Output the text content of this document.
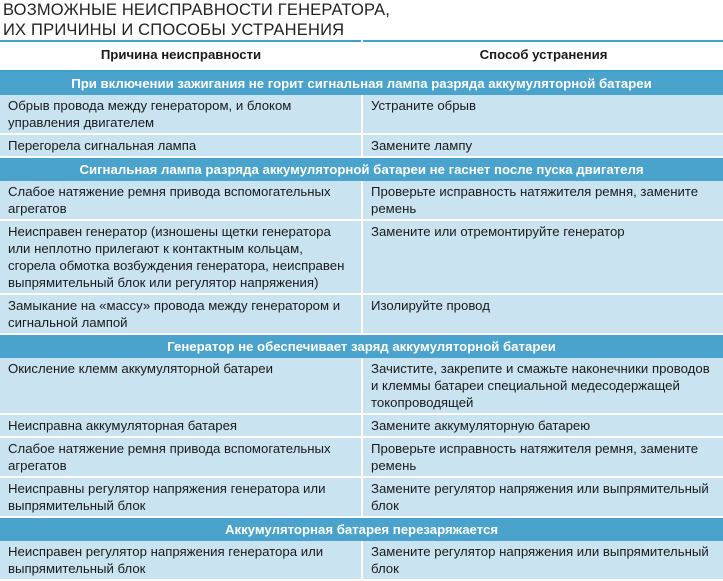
ВОЗМОЖНЫЕ НЕИСПРАВНОСТИ ГЕНЕРАТОРА,
ИХ ПРИЧИНЫ И СПОСОБЫ УСТРАНЕНИЯ
Причина неисправности	Способ устранения
При включении зажигания не горит сигнальная лампа разряда аккумуляторной батареи	
Обрыв провода между генератором, и блоком управления двигателем	Устраните обрыв
Перегорела сигнальная лампа	Замените лампу
Сигнальная лампа разряда аккумуляторной батареи не гаснет после пуска двигателя	
Слабое натяжение ремня привода вспомогательных агрегатов	Проверьте исправность натяжителя ремня, замените ремень
Неисправен генератор (изношены щетки генератора или неплотно прилегают к контактным кольцам, сгорела обмотка возбуждения генератора, неисправен выпрямительный блок или регулятор напряжения)	Замените или отремонтируйте генератор
Замыкание на «массу» провода между генератором и сигнальной лампой	Изолируйте провод
Генератор не обеспечивает заряд аккумуляторной батареи	
Окисление клемм аккумуляторной батареи	Зачистите, закрепите и смажьте наконечники проводов и клеммы батареи специальной медесодержащей токопроводящей
Неисправна аккумуляторная батарея	Замените аккумуляторную батарею
Слабое натяжение ремня привода вспомогательных агрегатов	Проверьте исправность натяжителя ремня, замените ремень
Неисправны регулятор напряжения генератора или выпрямительный блок	Замените регулятор напряжения или выпрямительный блок
Аккумуляторная батарея перезаряжается	
Неисправен регулятор напряжения генератора или выпрямительный блок	Замените регулятор напряжения или выпрямительный блок
